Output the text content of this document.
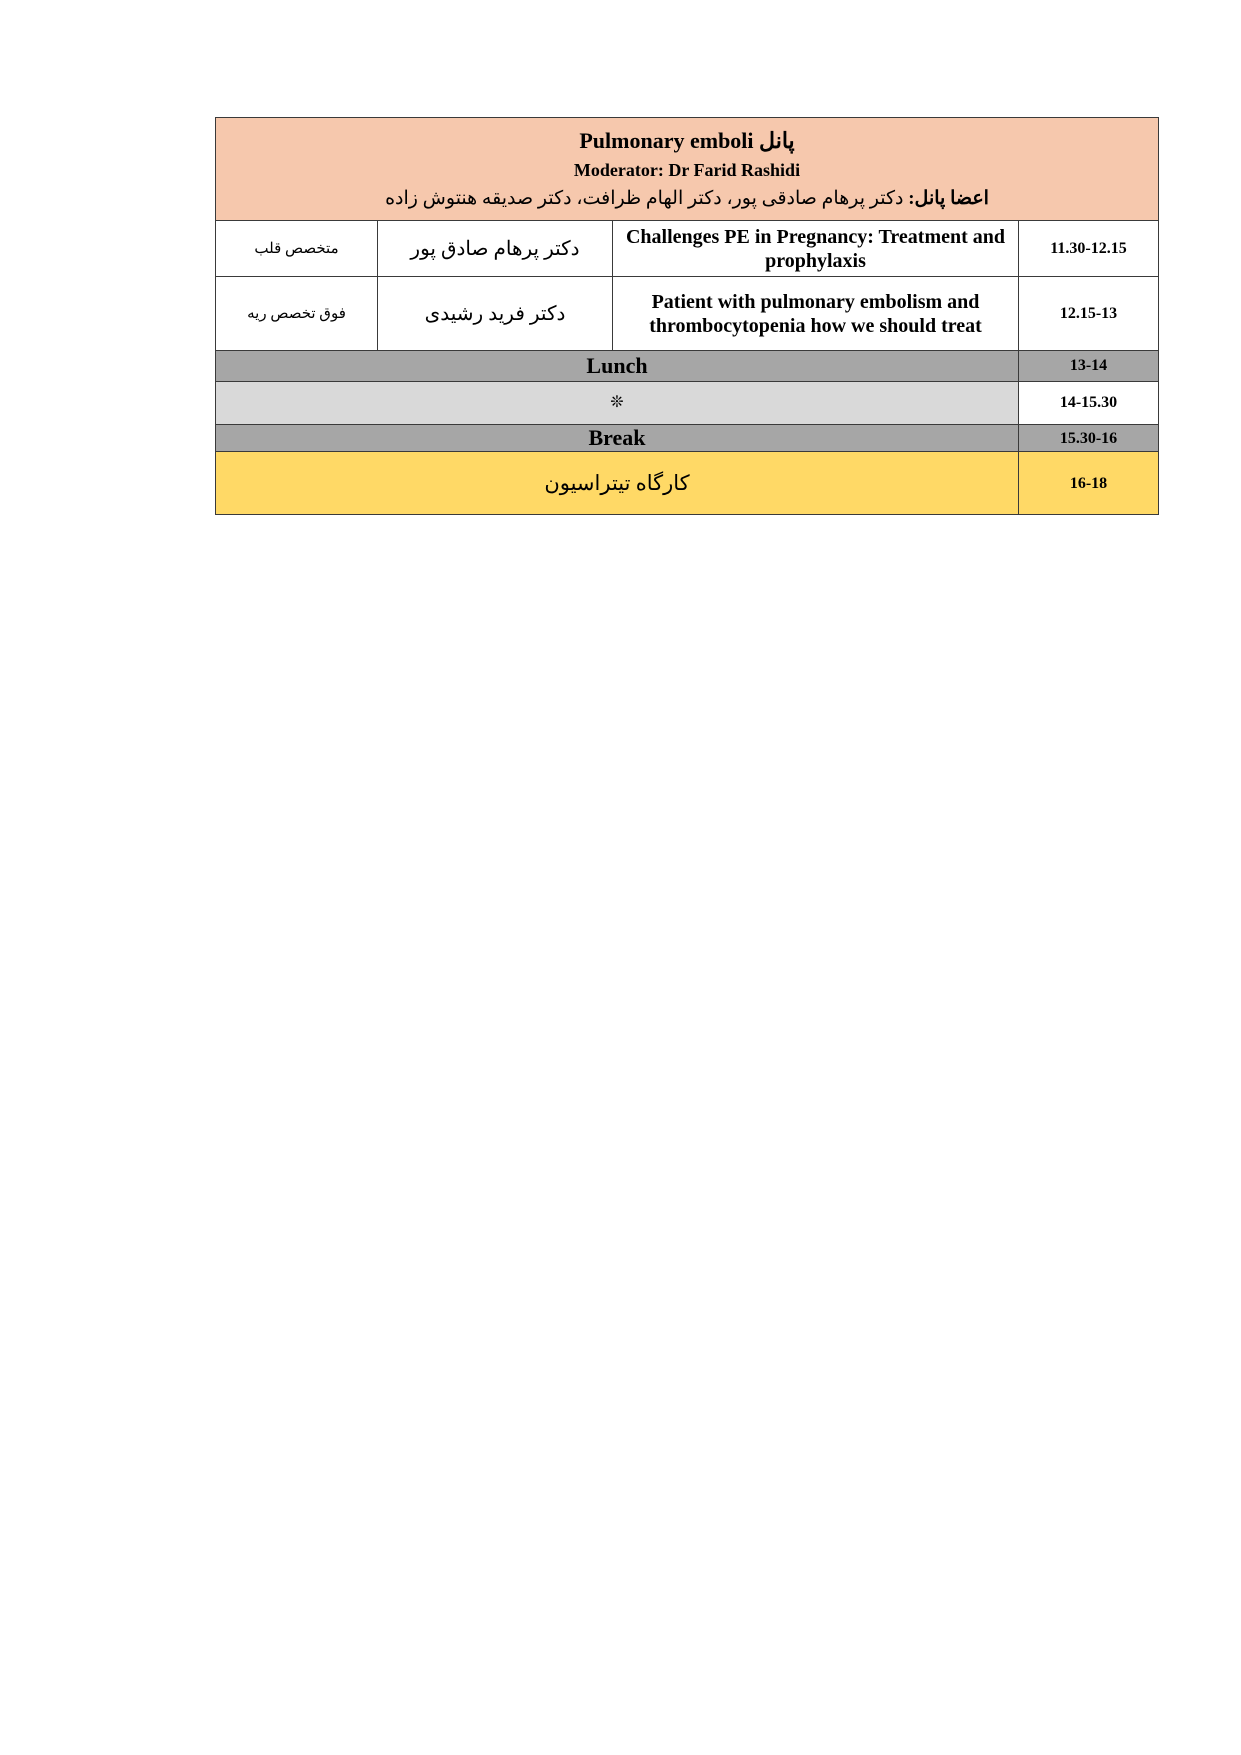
Pulmonary emboli پانل
Moderator: Dr Farid Rashidi
اعضا پانل: دکتر پرهام صادقی پور، دکتر الهام ظرافت، دکتر صدیقه هنتوش زاده			

متخصص قلب	دکتر پرهام صادق پور	Challenges PE in Pregnancy: Treatment and prophylaxis	11.30-12.15
فوق تخصص ریه	دکتر فرید رشیدی	Patient with pulmonary embolism and thrombocytopenia how we should treat	12.15-13
Lunch			13-14
❊			14-15.30
Break			15.30-16
کارگاه تیتراسیون			16-18
